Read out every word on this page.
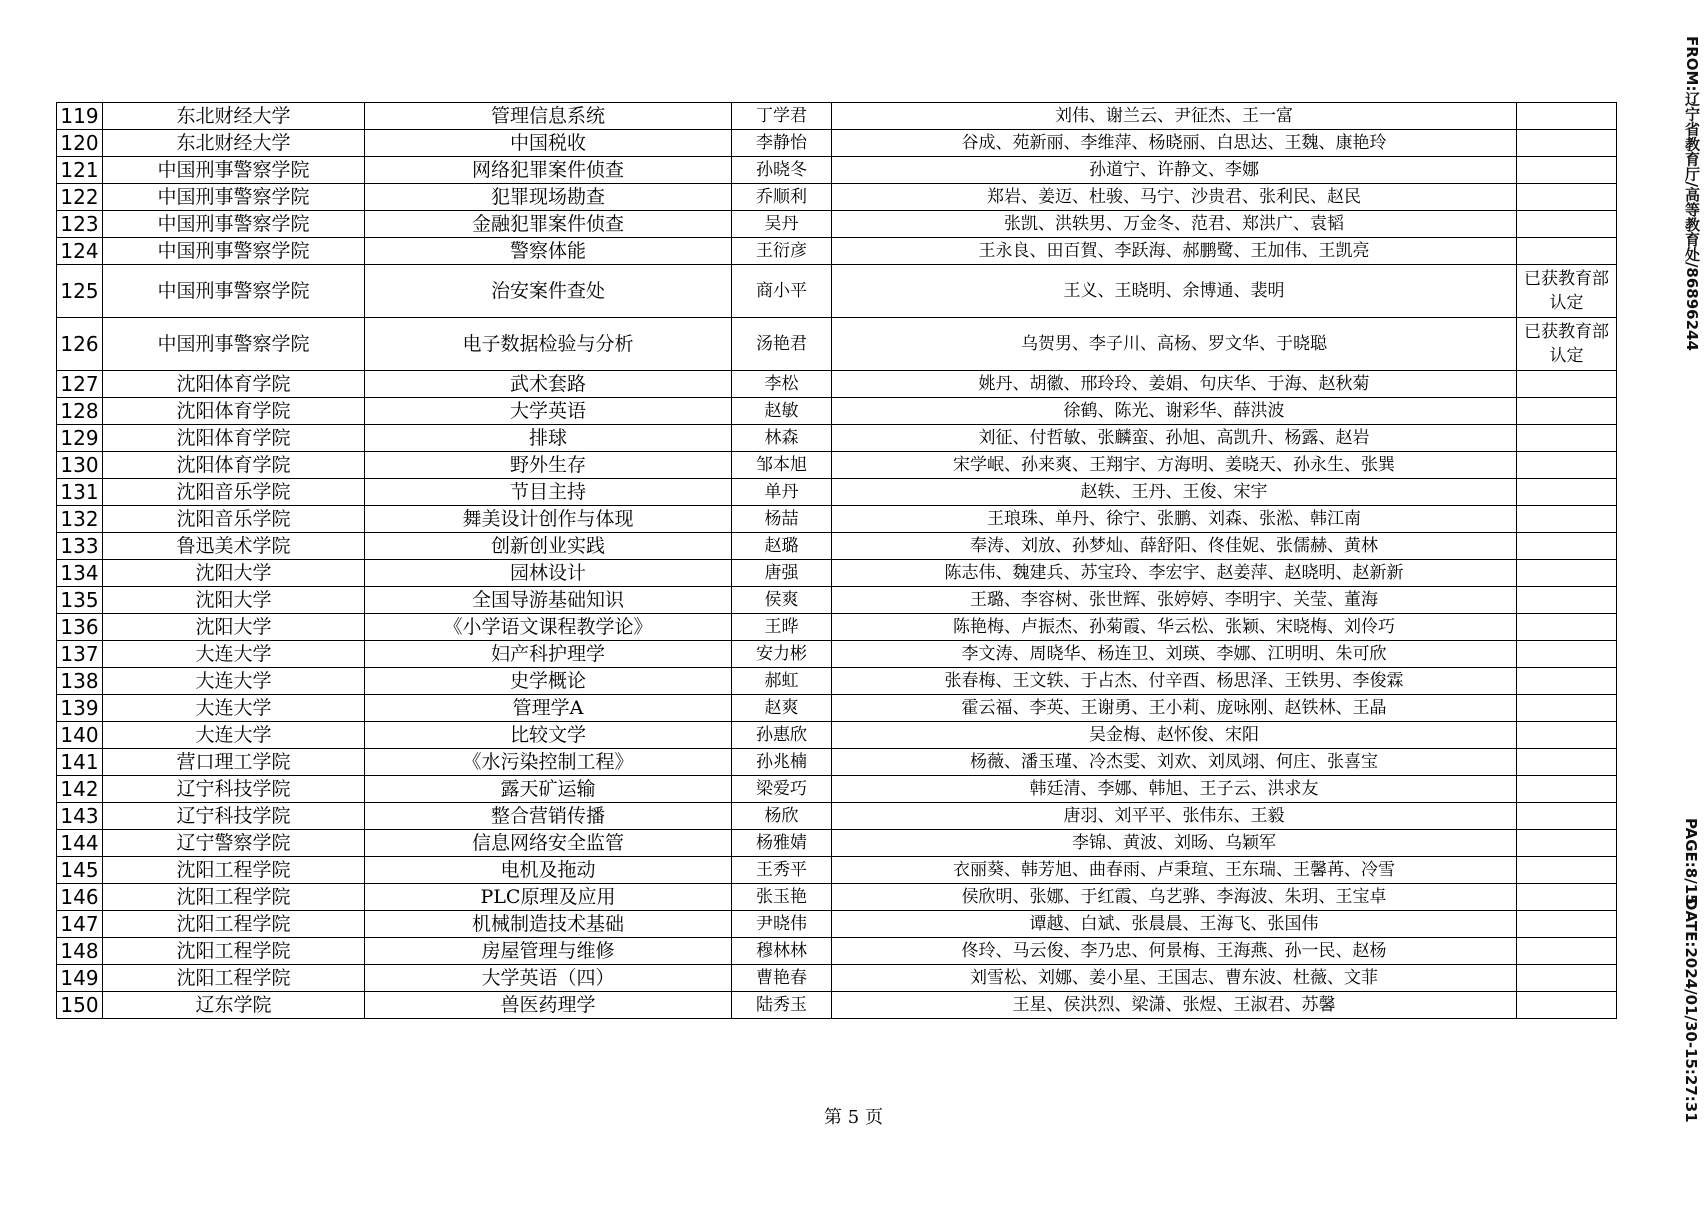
FROM:辽宁省教育厅/高等教育处/86896244
PAGE:8/15
DATE:2024/01/30-15:27:31
119	东北财经大学	管理信息系统	丁学君	刘伟、谢兰云、尹征杰、王一富	
120	东北财经大学	中国税收	李静怡	谷成、苑新丽、李维萍、杨晓丽、白思达、王魏、康艳玲	
121	中国刑事警察学院	网络犯罪案件侦查	孙晓冬	孙道宁、许静文、李娜	
122	中国刑事警察学院	犯罪现场勘查	乔顺利	郑岩、姜迈、杜骏、马宁、沙贵君、张利民、赵民	
123	中国刑事警察学院	金融犯罪案件侦查	吴丹	张凯、洪轶男、万金冬、范君、郑洪广、袁韬	
124	中国刑事警察学院	警察体能	王衍彦	王永良、田百賀、李跃海、郝鹏鹭、王加伟、王凯亮	
125	中国刑事警察学院	治安案件查处	商小平	王义、王晓明、余博通、裴明	已获教育部认定
126	中国刑事警察学院	电子数据检验与分析	汤艳君	乌贺男、李子川、高杨、罗文华、于晓聪	已获教育部认定
127	沈阳体育学院	武术套路	李松	姚丹、胡徽、邢玲玲、姜娟、句庆华、于海、赵秋菊	
128	沈阳体育学院	大学英语	赵敏	徐鹤、陈光、谢彩华、薛洪波	
129	沈阳体育学院	排球	林森	刘征、付哲敏、张麟蛮、孙旭、高凯升、杨露、赵岩	
130	沈阳体育学院	野外生存	邹本旭	宋学岷、孙来爽、王翔宇、方海明、姜晓天、孙永生、张巽	
131	沈阳音乐学院	节目主持	单丹	赵轶、王丹、王俊、宋宇	
132	沈阳音乐学院	舞美设计创作与体现	杨喆	王琅珠、单丹、徐宁、张鹏、刘森、张淞、韩江南	
133	鲁迅美术学院	创新创业实践	赵璐	奉涛、刘放、孙梦灿、薛舒阳、佟佳妮、张儒赫、黄林	
134	沈阳大学	园林设计	唐强	陈志伟、魏建兵、苏宝玲、李宏宇、赵姜萍、赵晓明、赵新新	
135	沈阳大学	全国导游基础知识	侯爽	王璐、李容树、张世辉、张婷婷、李明宇、关莹、董海	
136	沈阳大学	《小学语文课程教学论》	王晔	陈艳梅、卢振杰、孙菊霞、华云松、张颖、宋晓梅、刘伶巧	
137	大连大学	妇产科护理学	安力彬	李文涛、周晓华、杨连卫、刘瑛、李娜、江明明、朱可欣	
138	大连大学	史学概论	郝虹	张春梅、王文轶、于占杰、付辛酉、杨思泽、王铁男、李俊霖	
139	大连大学	管理学A	赵爽	霍云福、李英、王谢勇、王小莉、庞咏刚、赵铁林、王晶	
140	大连大学	比较文学	孙惠欣	吴金梅、赵怀俊、宋阳	
141	营口理工学院	《水污染控制工程》	孙兆楠	杨薇、潘玉瑾、冷杰雯、刘欢、刘凤翊、何庄、张喜宝	
142	辽宁科技学院	露天矿运输	梁爱巧	韩廷清、李娜、韩旭、王子云、洪求友	
143	辽宁科技学院	整合营销传播	杨欣	唐羽、刘平平、张伟东、王毅	
144	辽宁警察学院	信息网络安全监管	杨雅婧	李锦、黄波、刘旸、乌颖军	
145	沈阳工程学院	电机及拖动	王秀平	衣丽葵、韩芳旭、曲春雨、卢秉瑄、王东瑞、王馨苒、冷雪	
146	沈阳工程学院	PLC原理及应用	张玉艳	侯欣明、张娜、于红霞、乌艺骅、李海波、朱玥、王宝卓	
147	沈阳工程学院	机械制造技术基础	尹晓伟	谭越、白斌、张晨晨、王海飞、张国伟	
148	沈阳工程学院	房屋管理与维修	穆林林	佟玲、马云俊、李乃忠、何景梅、王海燕、孙一民、赵杨	
149	沈阳工程学院	大学英语（四）	曹艳春	刘雪松、刘娜、姜小星、王国志、曹东波、杜薇、文菲	
150	辽东学院	兽医药理学	陆秀玉	王星、侯洪烈、梁潇、张煜、王淑君、苏馨	
第 5 页
